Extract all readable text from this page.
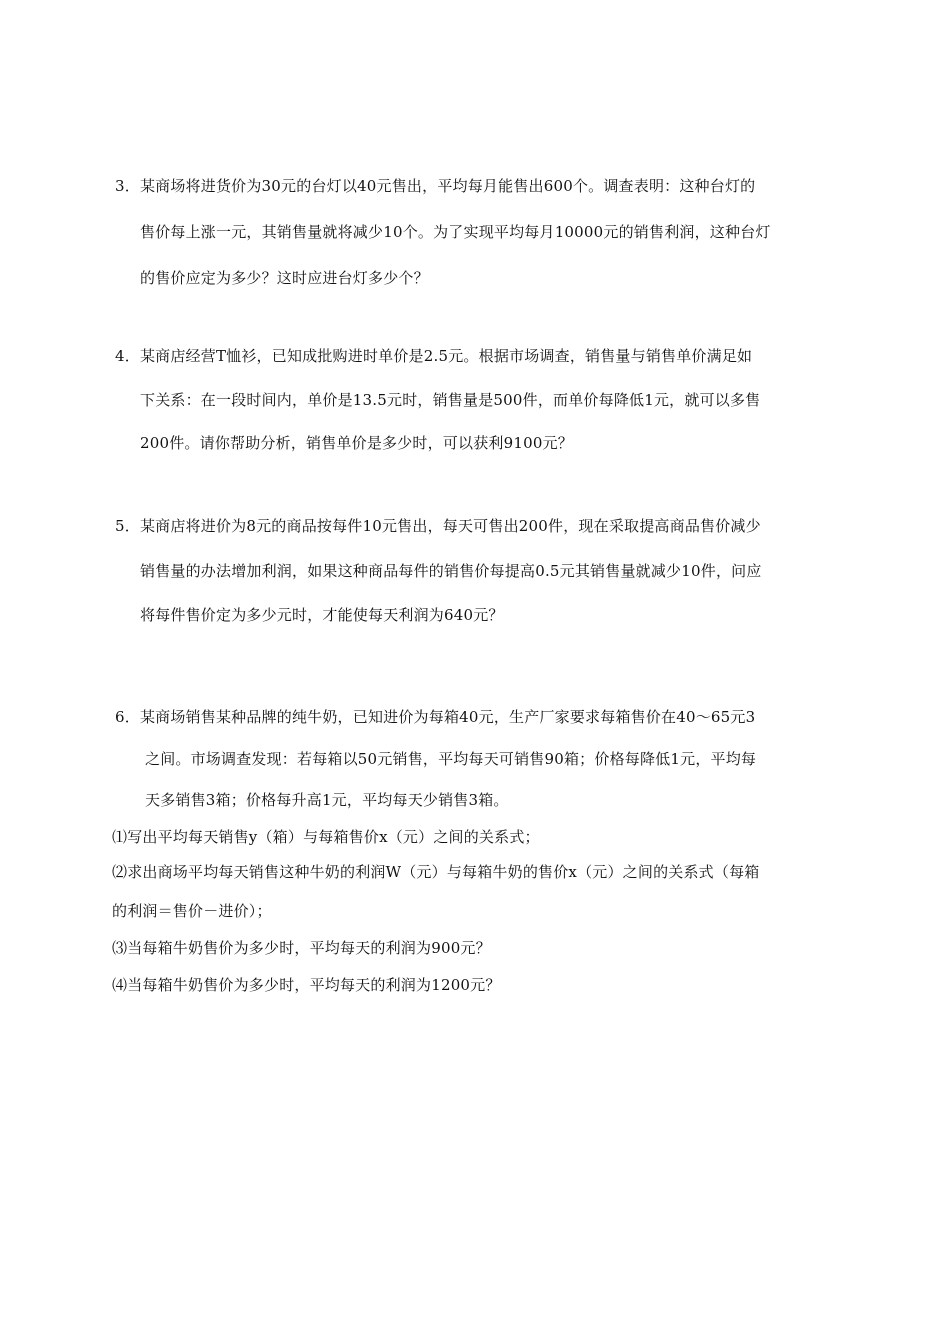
3．某商场将进货价为30元的台灯以40元售出，平均每月能售出600个。调查表明：这种台灯的
售价每上涨一元，其销售量就将减少10个。为了实现平均每月10000元的销售利润，这种台灯
的售价应定为多少？这时应进台灯多少个？
4．某商店经营T恤衫，已知成批购进时单价是2.5元。根据市场调查，销售量与销售单价满足如
下关系：在一段时间内，单价是13.5元时，销售量是500件，而单价每降低1元，就可以多售
200件。请你帮助分析，销售单价是多少时，可以获利9100元？
5．某商店将进价为8元的商品按每件10元售出，每天可售出200件，现在采取提高商品售价减少
销售量的办法增加利润，如果这种商品每件的销售价每提高0.5元其销售量就减少10件，问应
将每件售价定为多少元时，才能使每天利润为640元？
6．某商场销售某种品牌的纯牛奶，已知进价为每箱40元，生产厂家要求每箱售价在40～65元3
之间。市场调查发现：若每箱以50元销售，平均每天可销售90箱；价格每降低1元，平均每
天多销售3箱；价格每升高1元，平均每天少销售3箱。
⑴写出平均每天销售y（箱）与每箱售价x（元）之间的关系式；
⑵求出商场平均每天销售这种牛奶的利润W（元）与每箱牛奶的售价x（元）之间的关系式（每箱
的利润＝售价－进价）；
⑶当每箱牛奶售价为多少时，平均每天的利润为900元？
⑷当每箱牛奶售价为多少时，平均每天的利润为1200元？
